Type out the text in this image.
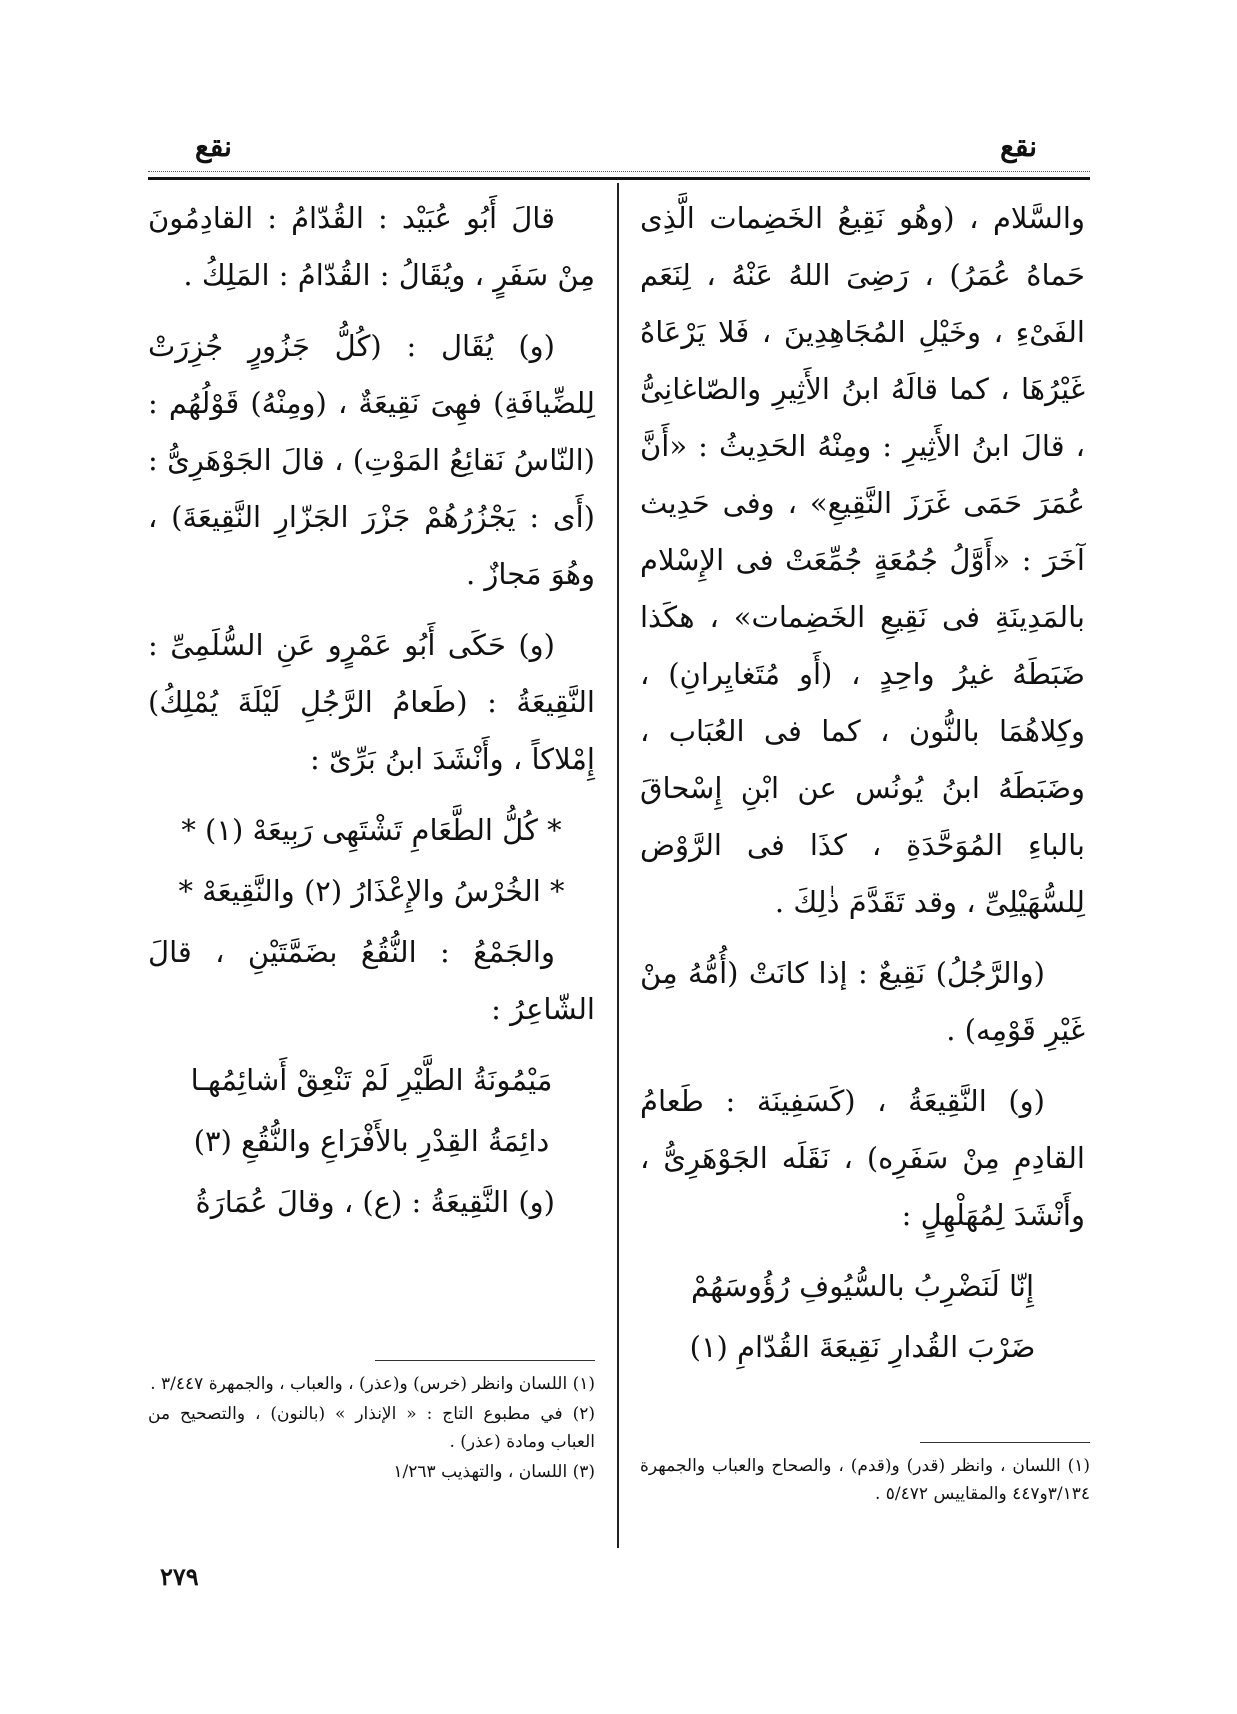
نقع
نقع

والسَّلام ، (وهُو نَقِيعُ الخَضِمات الَّذِى حَماهُ عُمَرُ) ، رَضِىَ اللهُ عَنْهُ ، لِنَعَم الفَىْءِ ، وخَيْلِ المُجَاهِدِينَ ، فَلا يَرْعَاهُ غَيْرُهَا ، كما قالَهُ ابنُ الأَثِيرِ والصّاغانِىُّ ، قالَ ابنُ الأَثِيرِ : ومِنْهُ الحَدِيثُ : «أَنَّ عُمَرَ حَمَى غَرَزَ النَّقِيعِ» ، وفى حَدِيث آخَرَ : «أَوَّلُ جُمُعَةٍ جُمِّعَتْ فى الإِسْلام بالمَدِينَةِ فى نَقِيعِ الخَضِمات» ، هكَذا ضَبَطَهُ غيرُ واحِدٍ ، (أَو مُتَغايِرانِ) ، وكِلاهُمَا بالنُّون ، كما فى العُبَاب ، وضَبَطَهُ ابنُ يُونُس عن ابْنِ إِسْحاقَ بالباءِ المُوَحَّدَةِ ، كذَا فى الرَّوْض لِلسُّهَيْلِىِّ ، وقد تَقَدَّمَ ذٰلِكَ .

(والرَّجُلُ) نَقِيعٌ : إذا كانَتْ (أُمُّهُ مِنْ غَيْرِ قَوْمِه) .

(و) النَّقِيعَةُ ، (كَسَفِينَة : طَعامُ القادِمِ مِنْ سَفَرِه) ، نَقَلَه الجَوْهَرِىُّ ، وأَنْشَدَ لِمُهَلْهِلٍ :

إِنّا لَنَضْرِبُ بالسُّيُوفِ رُؤُوسَهُمْ

ضَرْبَ القُدارِ نَقِيعَةَ القُدّامِ (١)

قالَ أَبُو عُبَيْد : القُدّامُ : القادِمُونَ مِنْ سَفَرٍ ، ويُقَالُ : القُدّامُ : المَلِكُ .

(و) يُقَال : (كُلُّ جَزُورٍ جُزِرَتْ لِلضِّيافَةِ) فهِىَ نَقِيعَةٌ ، (ومِنْهُ) قَوْلُهُم : (النّاسُ نَقائِعُ المَوْتِ) ، قالَ الجَوْهَرِىُّ : (أَى : يَجْزُرُهُمْ جَزْرَ الجَزّارِ النَّقِيعَةَ) ، وهُوَ مَجازٌ .

(و) حَكَى أَبُو عَمْرٍو عَنِ السُّلَمِىِّ : النَّقِيعَةُ : (طَعامُ الرَّجُلِ لَيْلَةَ يُمْلِكُ) إِمْلاكاً ، وأَنْشَدَ ابنُ بَرِّىّ :

* كُلُّ الطَّعَامِ تَشْتَهِى رَبِيعَهْ (١) *

* الخُرْسُ والإِعْذَارُ (٢) والنَّقِيعَهْ *

والجَمْعُ : النُّقُعُ بضَمَّتَيْنِ ، قالَ الشّاعِرُ :

مَيْمُونَةُ الطَّيْرِ لَمْ تَنْعِقْ أَشائِمُهـا

دائِمَةُ القِدْرِ بالأَفْرَاعِ والنُّقُعِ (٣)

(و) النَّقِيعَةُ : (ع) ، وقالَ عُمَارَةُ

(١) اللسان ، وانظر (قدر) و(قدم) ، والصحاح والعباب والجمهرة ٣/١٣٤و٤٤٧ والمقاييس ٥/٤٧٢ .

(١) اللسان وانظر (خرس) و(عذر) ، والعباب ، والجمهرة ٣/٤٤٧ .

(٢) في مطبوع التاج : « الإنذار » (بالنون) ، والتصحيح من العباب ومادة (عذر) .

(٣) اللسان ، والتهذيب ١/٢٦٣

٢٧٩
